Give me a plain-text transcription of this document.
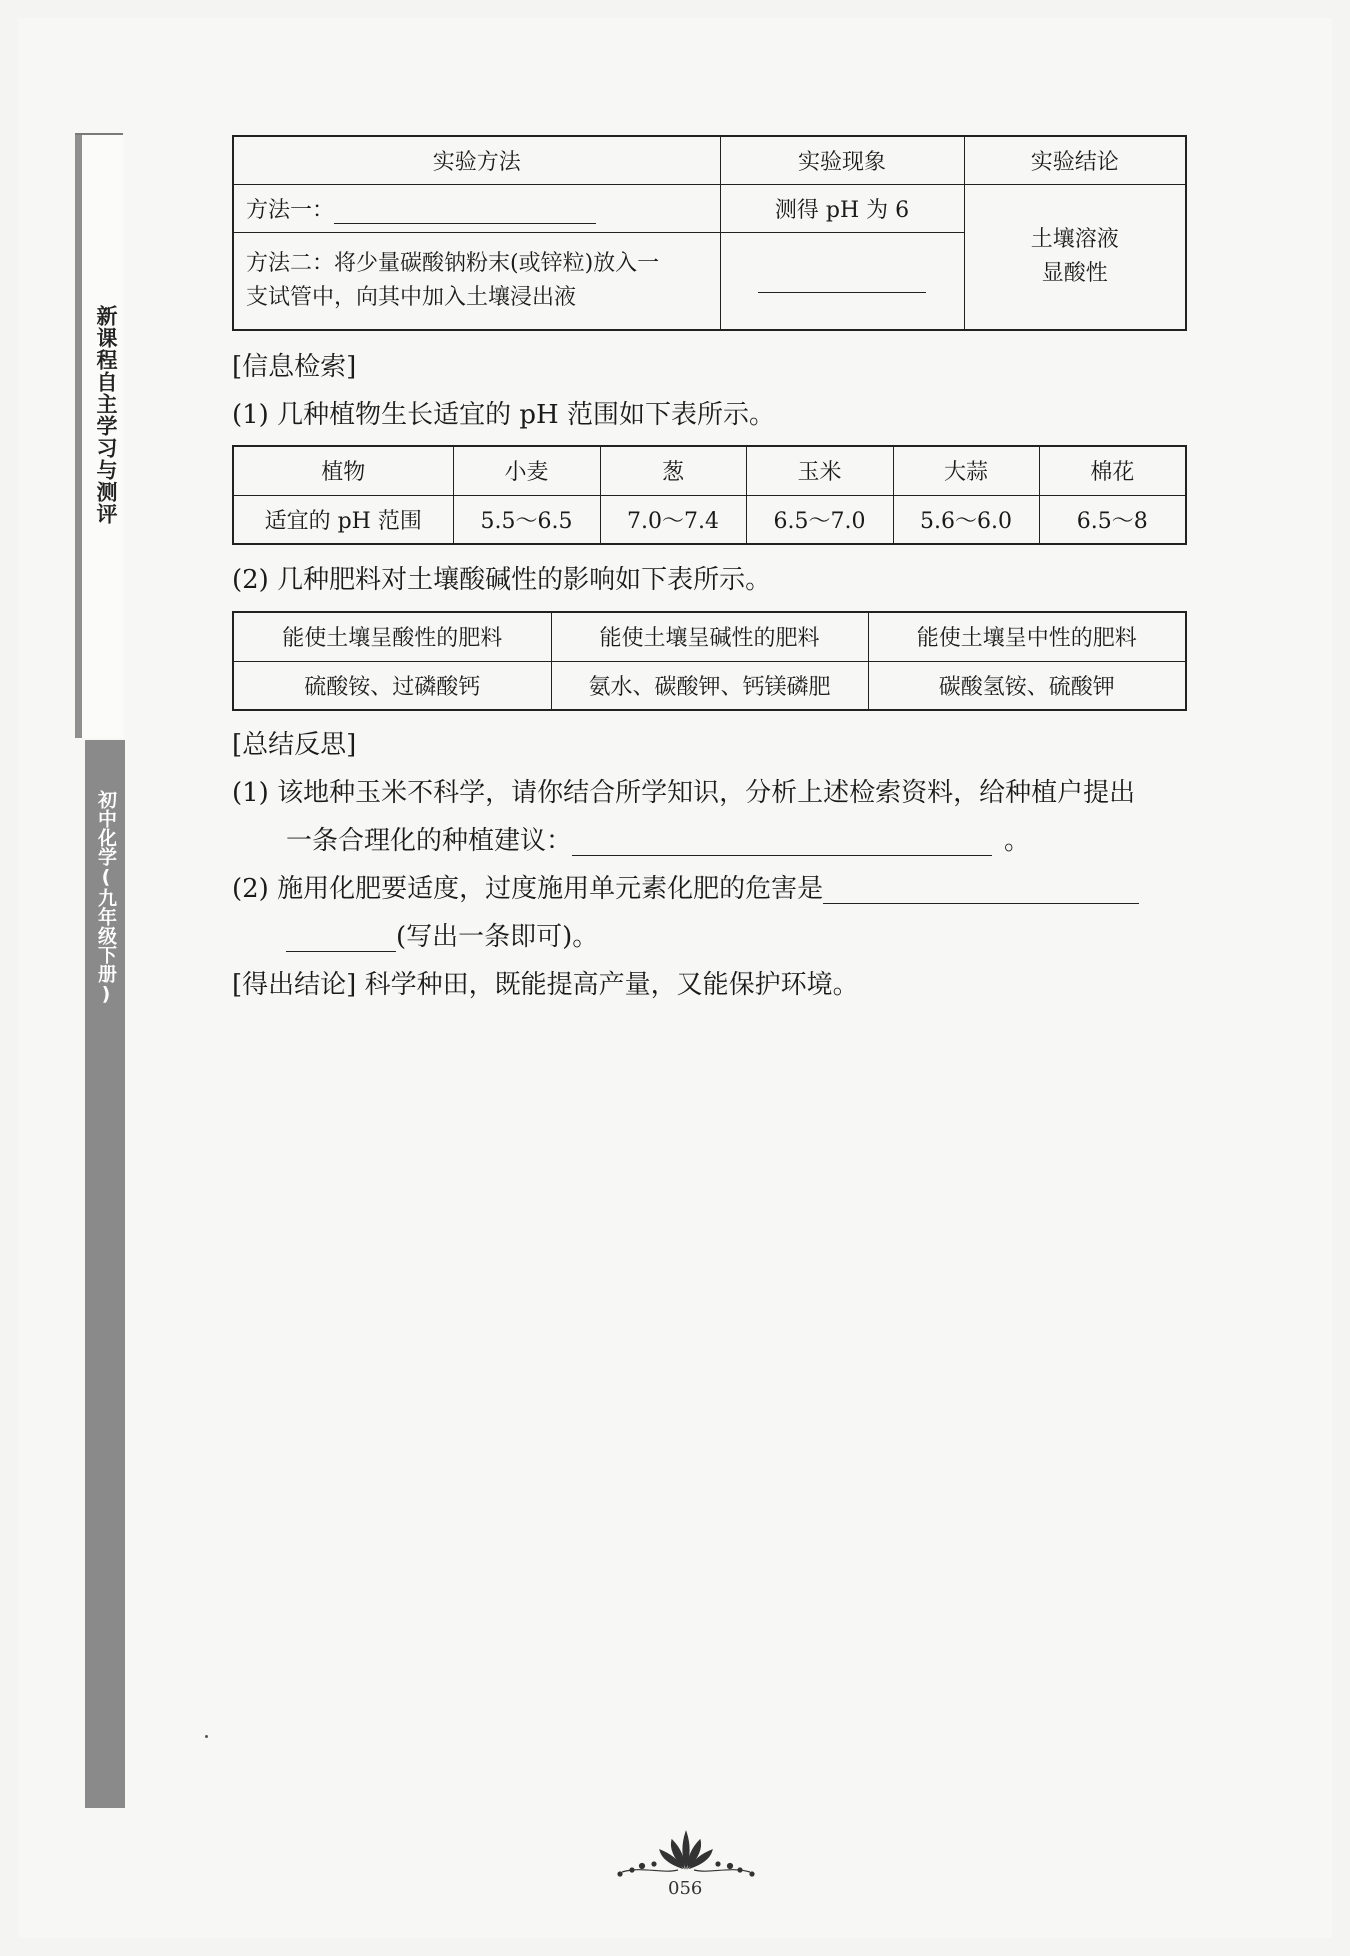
新课程自主学习与测评
初中化学(九年级下册)
实验方法	实验现象	实验结论
方法一：	测得 pH 为 6	土壤溶液
显酸性

方法二：将少量碳酸钠粉末(或锌粒)放入一
支试管中，向其中加入土壤浸出液		

[信息检索]
(1) 几种植物生长适宜的 pH 范围如下表所示。
植物	小麦	葱	玉米	大蒜	棉花
适宜的 pH 范围	5.5～6.5	7.0～7.4	6.5～7.0	5.6～6.0	6.5～8
(2) 几种肥料对土壤酸碱性的影响如下表所示。
能使土壤呈酸性的肥料	能使土壤呈碱性的肥料	能使土壤呈中性的肥料
硫酸铵、过磷酸钙	氨水、碳酸钾、钙镁磷肥	碳酸氢铵、硫酸钾
[总结反思]
(1) 该地种玉米不科学，请你结合所学知识，分析上述检索资料，给种植户提出
一条合理化的种植建议：	。
(2) 施用化肥要适度，过度施用单元素化肥的危害是
(写出一条即可)。
[得出结论] 科学种田，既能提高产量，又能保护环境。
056
